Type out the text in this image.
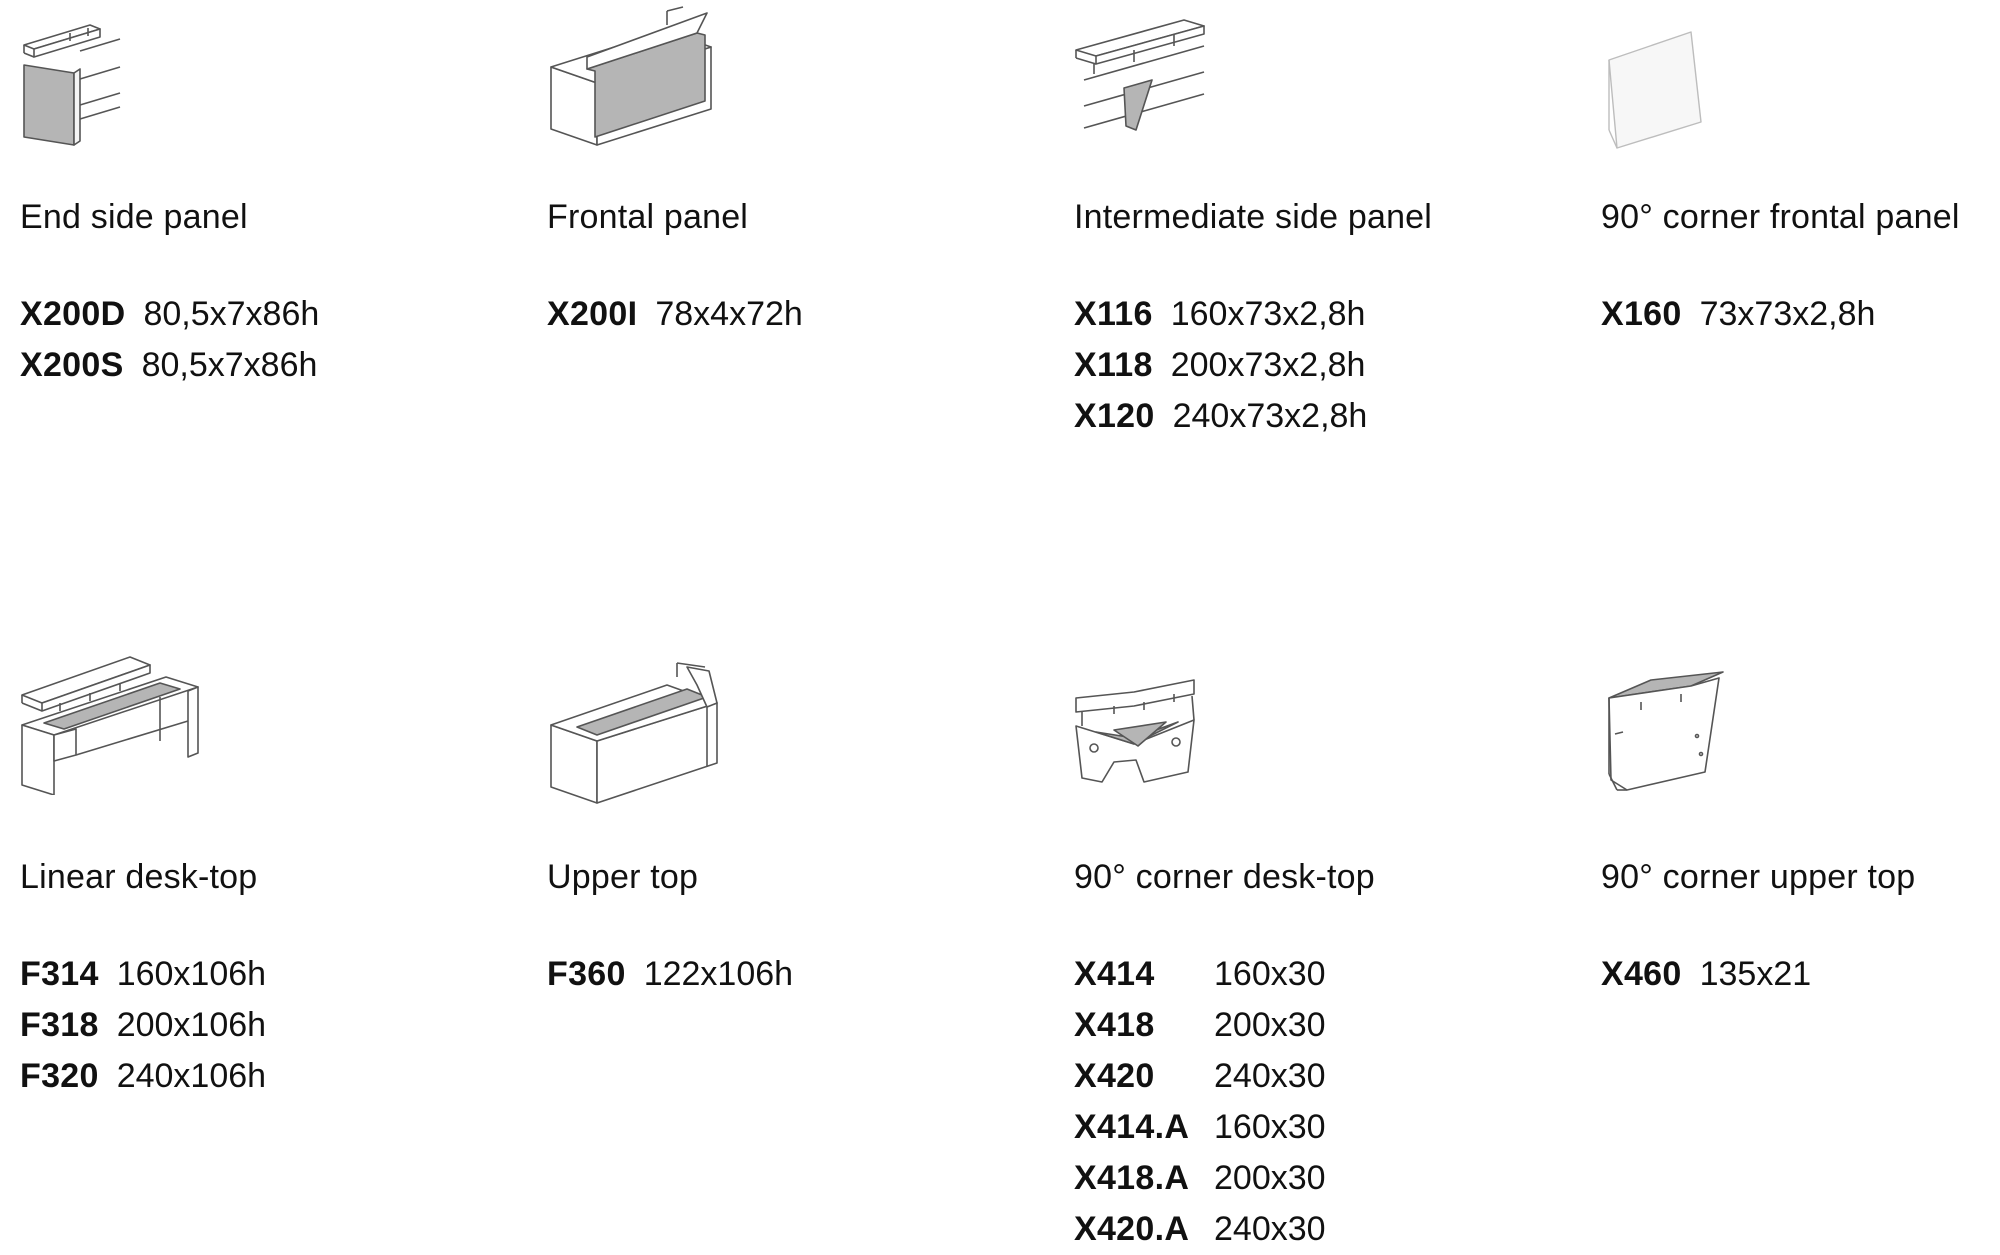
End side panel
X200D 80,5x7x86h
X200S 80,5x7x86h
Frontal panel
X200I 78x4x72h
Intermediate side panel
X116 160x73x2,8h
X118 200x73x2,8h
X120 240x73x2,8h
90° corner frontal panel
X160 73x73x2,8h
Linear desk-top
F314 160x106h
F318 200x106h
F320 240x106h
Upper top
F360 122x106h
90° corner desk-top
X414	160x30
X418	200x30
X420	240x30
X414.A 160x30
X418.A 200x30
X420.A 240x30
90° corner upper top
X460 135x21
